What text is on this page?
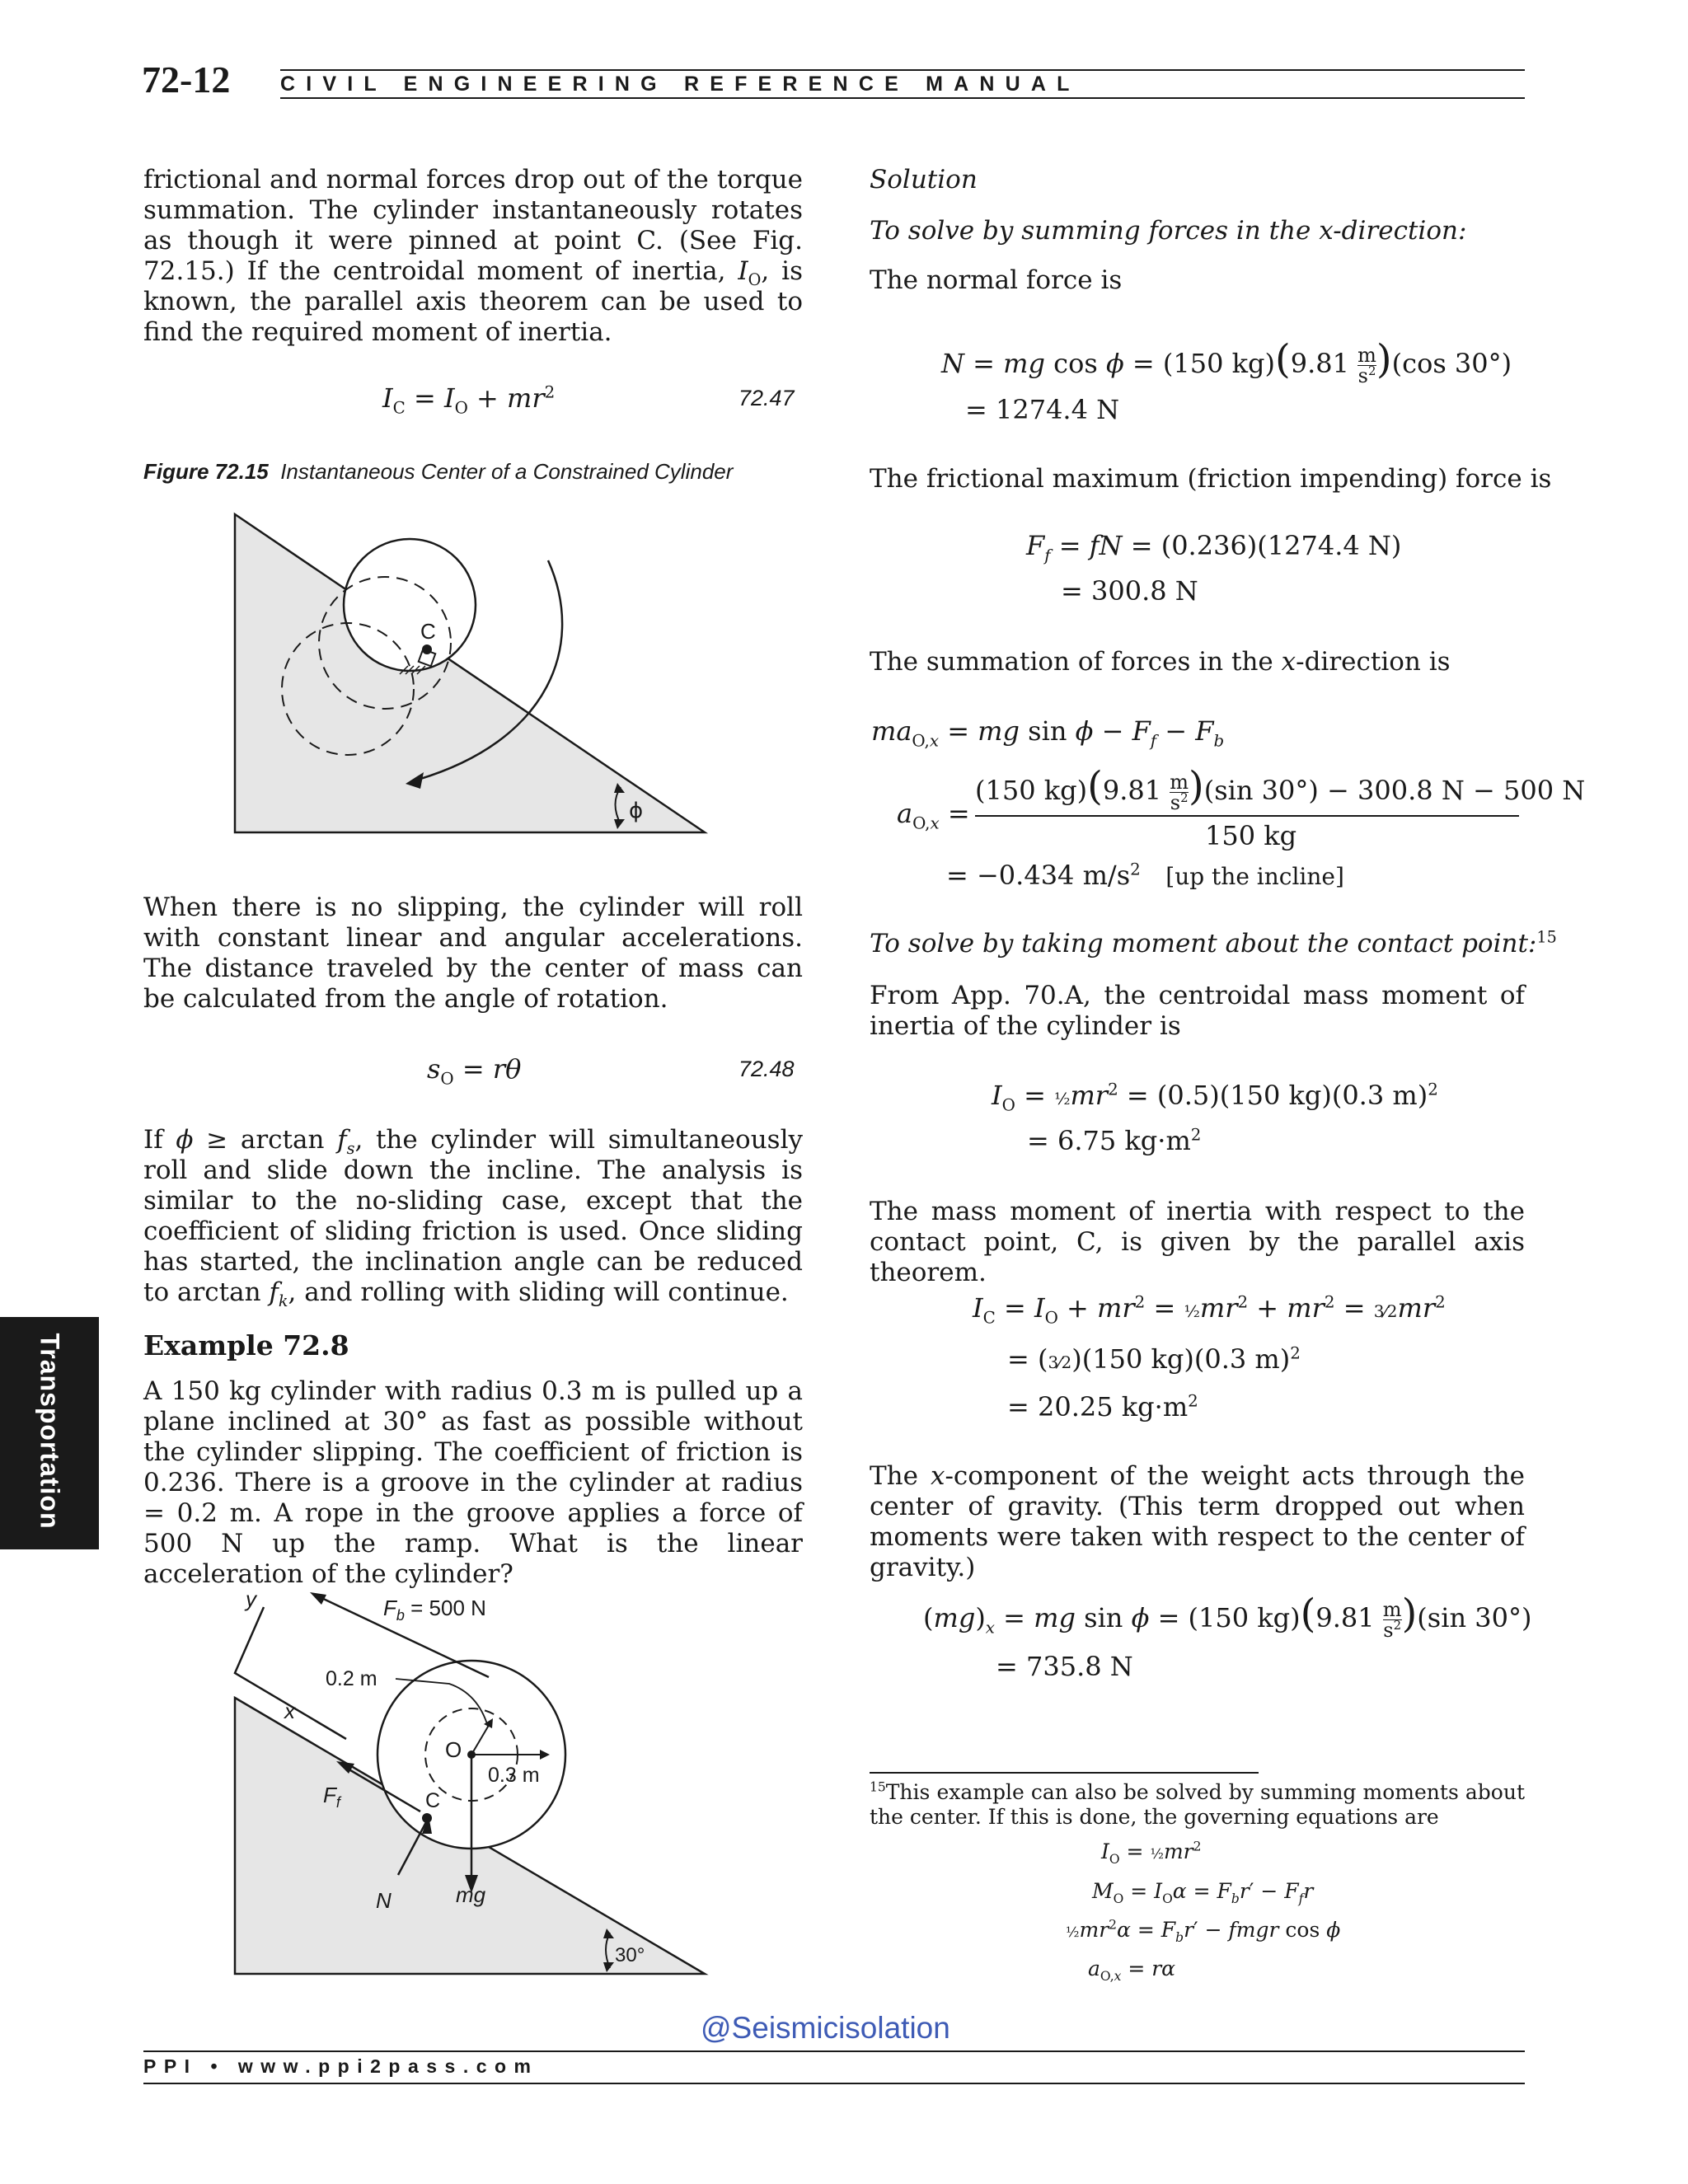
72-12 CIVIL ENGINEERING REFERENCE MANUAL
Transportation
frictional and normal forces drop out of the torque summation. The cylinder instantaneously rotates as though it were pinned at point C. (See Fig. 72.15.) If the centroidal moment of inertia, $I_O$, is known, the parallel axis theorem can be used to find the required moment of inertia.
$I_C = I_O + mr^2$	72.47
Figure 72.15 Instantaneous Center of a Constrained Cylinder
C
ϕ
When there is no slipping, the cylinder will roll with constant linear and angular accelerations. The distance traveled by the center of mass can be calculated from the angle of rotation.
$s_O = r\theta$	72.48
If $\phi \ge \arctan f_s$, the cylinder will simultaneously roll and slide down the incline. The analysis is similar to the no-sliding case, except that the coefficient of sliding friction is used. Once sliding has started, the inclination angle can be reduced to $\arctan f_k$, and rolling with sliding will continue.
Example 72.8
A 150 kg cylinder with radius 0.3 m is pulled up a plane inclined at 30° as fast as possible without the cylinder slipping. The coefficient of friction is 0.236. There is a groove in the cylinder at radius = 0.2 m. A rope in the groove applies a force of 500 N up the ramp. What is the linear acceleration of the cylinder?
y
x
O
0.3 m
$F_b = 500$ N
0.2 m
C
$F_f$
N	mg
30°
Solution
To solve by summing forces in the x-direction:
The normal force is
N = mg cos ϕ = (150 $kg)(9.81 \frac{m}{s^2} )(\cos$ 30°)
= 1274.4 N
The frictional maximum (friction impending) force is
$F_f$ = fN = (0.236)(1274.4 N)
= 300.8 N
The summation of forces in the x-direction is
$ma_{O,x}$ = mg $\sin \phi - F_f - F_b$
$a_{O,x}$ =
(150 $kg)(9.81 \frac{m}{s^2} )(\sin$ 30°) − 300.8 N − 500 N
150 kg
= −0.434 $m/s^2$ [up the incline]
To solve by taking moment about the contact point:$^{15}$
From App. 70.A, the centroidal mass moment of inertia of the cylinder is
$I_O$ = $\frac{1}{2}mr^2 = (0.5)(150$ kg)(0.3 m)$^2$
= 6.75 $kg\cdot m^2$
The mass moment of inertia with respect to the contact point, C, is given by the parallel axis theorem.
$I_C = I_O + mr^2$ = $\frac{1}{2}mr^2 + mr^2$ = $3⁄2mr^2$
= (3⁄2)(150 kg)(0.3 m)$^2$
= 20.25 $kg\cdot m^2$
The x-component of the weight acts through the center of gravity. (This term dropped out when moments were taken with respect to the center of gravity.)
$(mg)_x$ = mg sin ϕ = (150 $kg)(9.81 \frac{m}{s^2} )(\sin$ 30°)
= 735.8 N
$^{15}$This example can also be solved by summing moments about the center. If this is done, the governing equations are
$I_O$ = $\frac{1}{2}mr^2$
$M_O = I_O\alpha = F_br' - F_fr$
$\frac{1}{2}mr^2\alpha = F_br'$ − fmgr cos ϕ
$a_{O,x} = r\alpha$
@Seismicisolation
PPI • www.ppi2pass.com
